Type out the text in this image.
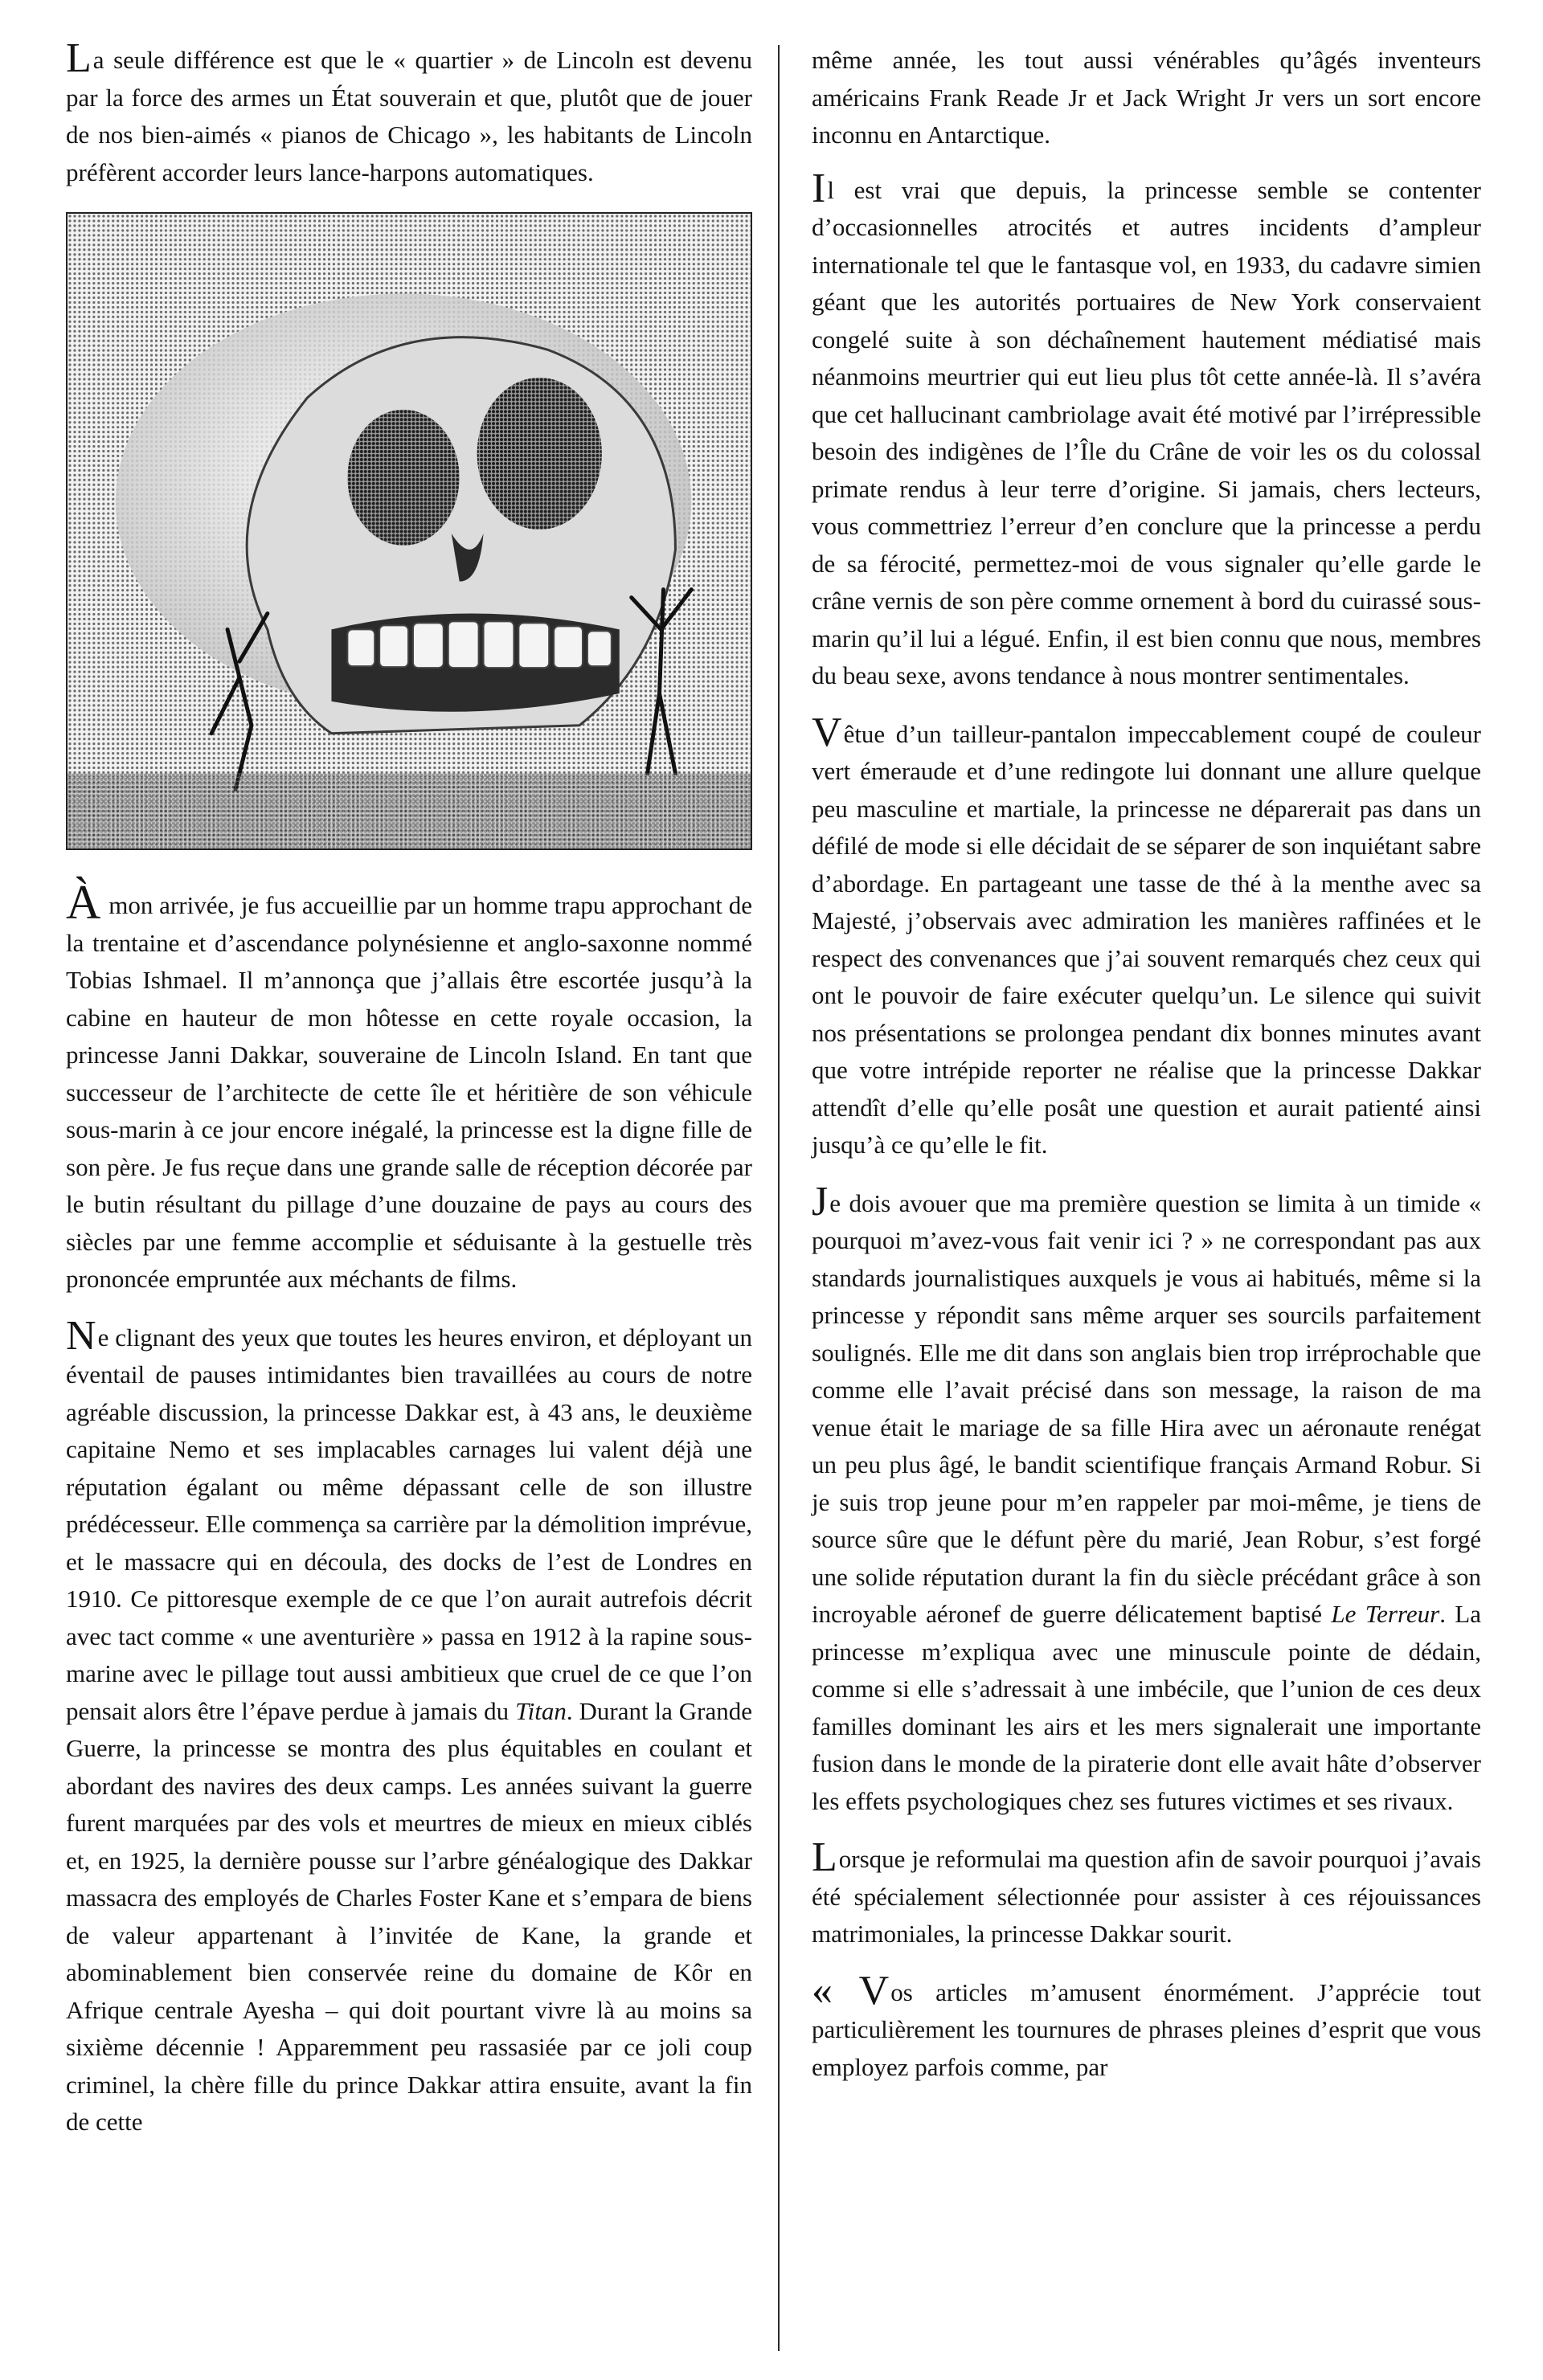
La seule différence est que le « quartier » de Lincoln est devenu par la force des armes un État souverain et que, plutôt que de jouer de nos bien-aimés « pianos de Chicago », les habitants de Lincoln préfèrent accorder leurs lance-harpons automatiques.

À mon arrivée, je fus accueillie par un homme trapu approchant de la trentaine et d’ascendance polynésienne et anglo-saxonne nommé Tobias Ishmael. Il m’annonça que j’allais être escortée jusqu’à la cabine en hauteur de mon hôtesse en cette royale occasion, la princesse Janni Dakkar, souveraine de Lincoln Island. En tant que successeur de l’architecte de cette île et héritière de son véhicule sous-marin à ce jour encore inégalé, la princesse est la digne fille de son père. Je fus reçue dans une grande salle de réception décorée par le butin résultant du pillage d’une douzaine de pays au cours des siècles par une femme accomplie et séduisante à la gestuelle très prononcée empruntée aux méchants de films.

Ne clignant des yeux que toutes les heures environ, et déployant un éventail de pauses intimidantes bien travaillées au cours de notre agréable discussion, la princesse Dakkar est, à 43 ans, le deuxième capitaine Nemo et ses implacables carnages lui valent déjà une réputation égalant ou même dépassant celle de son illustre prédécesseur. Elle commença sa carrière par la démolition imprévue, et le massacre qui en découla, des docks de l’est de Londres en 1910. Ce pittoresque exemple de ce que l’on aurait autrefois décrit avec tact comme « une aventurière » passa en 1912 à la rapine sous-marine avec le pillage tout aussi ambitieux que cruel de ce que l’on pensait alors être l’épave perdue à jamais du Titan. Durant la Grande Guerre, la princesse se montra des plus équitables en coulant et abordant des navires des deux camps. Les années suivant la guerre furent marquées par des vols et meurtres de mieux en mieux ciblés et, en 1925, la dernière pousse sur l’arbre généalogique des Dakkar massacra des employés de Charles Foster Kane et s’empara de biens de valeur appartenant à l’invitée de Kane, la grande et abominablement bien conservée reine du domaine de Kôr en Afrique centrale Ayesha – qui doit pourtant vivre là au moins sa sixième décennie ! Apparemment peu rassasiée par ce joli coup criminel, la chère fille du prince Dakkar attira ensuite, avant la fin de cette

même année, les tout aussi vénérables qu’âgés inventeurs américains Frank Reade Jr et Jack Wright Jr vers un sort encore inconnu en Antarctique.

Il est vrai que depuis, la princesse semble se contenter d’occasionnelles atrocités et autres incidents d’ampleur internationale tel que le fantasque vol, en 1933, du cadavre simien géant que les autorités portuaires de New York conservaient congelé suite à son déchaînement hautement médiatisé mais néanmoins meurtrier qui eut lieu plus tôt cette année-là. Il s’avéra que cet hallucinant cambriolage avait été motivé par l’irrépressible besoin des indigènes de l’Île du Crâne de voir les os du colossal primate rendus à leur terre d’origine. Si jamais, chers lecteurs, vous commettriez l’erreur d’en conclure que la princesse a perdu de sa férocité, permettez-moi de vous signaler qu’elle garde le crâne vernis de son père comme ornement à bord du cuirassé sous-marin qu’il lui a légué. Enfin, il est bien connu que nous, membres du beau sexe, avons tendance à nous montrer sentimentales.

Vêtue d’un tailleur-pantalon impeccablement coupé de couleur vert émeraude et d’une redingote lui donnant une allure quelque peu masculine et martiale, la princesse ne déparerait pas dans un défilé de mode si elle décidait de se séparer de son inquiétant sabre d’abordage. En partageant une tasse de thé à la menthe avec sa Majesté, j’observais avec admiration les manières raffinées et le respect des convenances que j’ai souvent remarqués chez ceux qui ont le pouvoir de faire exécuter quelqu’un. Le silence qui suivit nos présentations se prolongea pendant dix bonnes minutes avant que votre intrépide reporter ne réalise que la princesse Dakkar attendît d’elle qu’elle posât une question et aurait patienté ainsi jusqu’à ce qu’elle le fit.

Je dois avouer que ma première question se limita à un timide « pourquoi m’avez-vous fait venir ici ? » ne correspondant pas aux standards journalistiques auxquels je vous ai habitués, même si la princesse y répondit sans même arquer ses sourcils parfaitement soulignés. Elle me dit dans son anglais bien trop irréprochable que comme elle l’avait précisé dans son message, la raison de ma venue était le mariage de sa fille Hira avec un aéronaute renégat un peu plus âgé, le bandit scientifique français Armand Robur. Si je suis trop jeune pour m’en rappeler par moi-même, je tiens de source sûre que le défunt père du marié, Jean Robur, s’est forgé une solide réputation durant la fin du siècle précédant grâce à son incroyable aéronef de guerre délicatement baptisé Le Terreur. La princesse m’expliqua avec une minuscule pointe de dédain, comme si elle s’adressait à une imbécile, que l’union de ces deux familles dominant les airs et les mers signalerait une importante fusion dans le monde de la piraterie dont elle avait hâte d’observer les effets psychologiques chez ses futures victimes et ses rivaux.

Lorsque je reformulai ma question afin de savoir pourquoi j’avais été spécialement sélectionnée pour assister à ces réjouissances matrimoniales, la princesse Dakkar sourit.

« Vos articles m’amusent énormément. J’apprécie tout particulièrement les tournures de phrases pleines d’esprit que vous employez parfois comme, par
